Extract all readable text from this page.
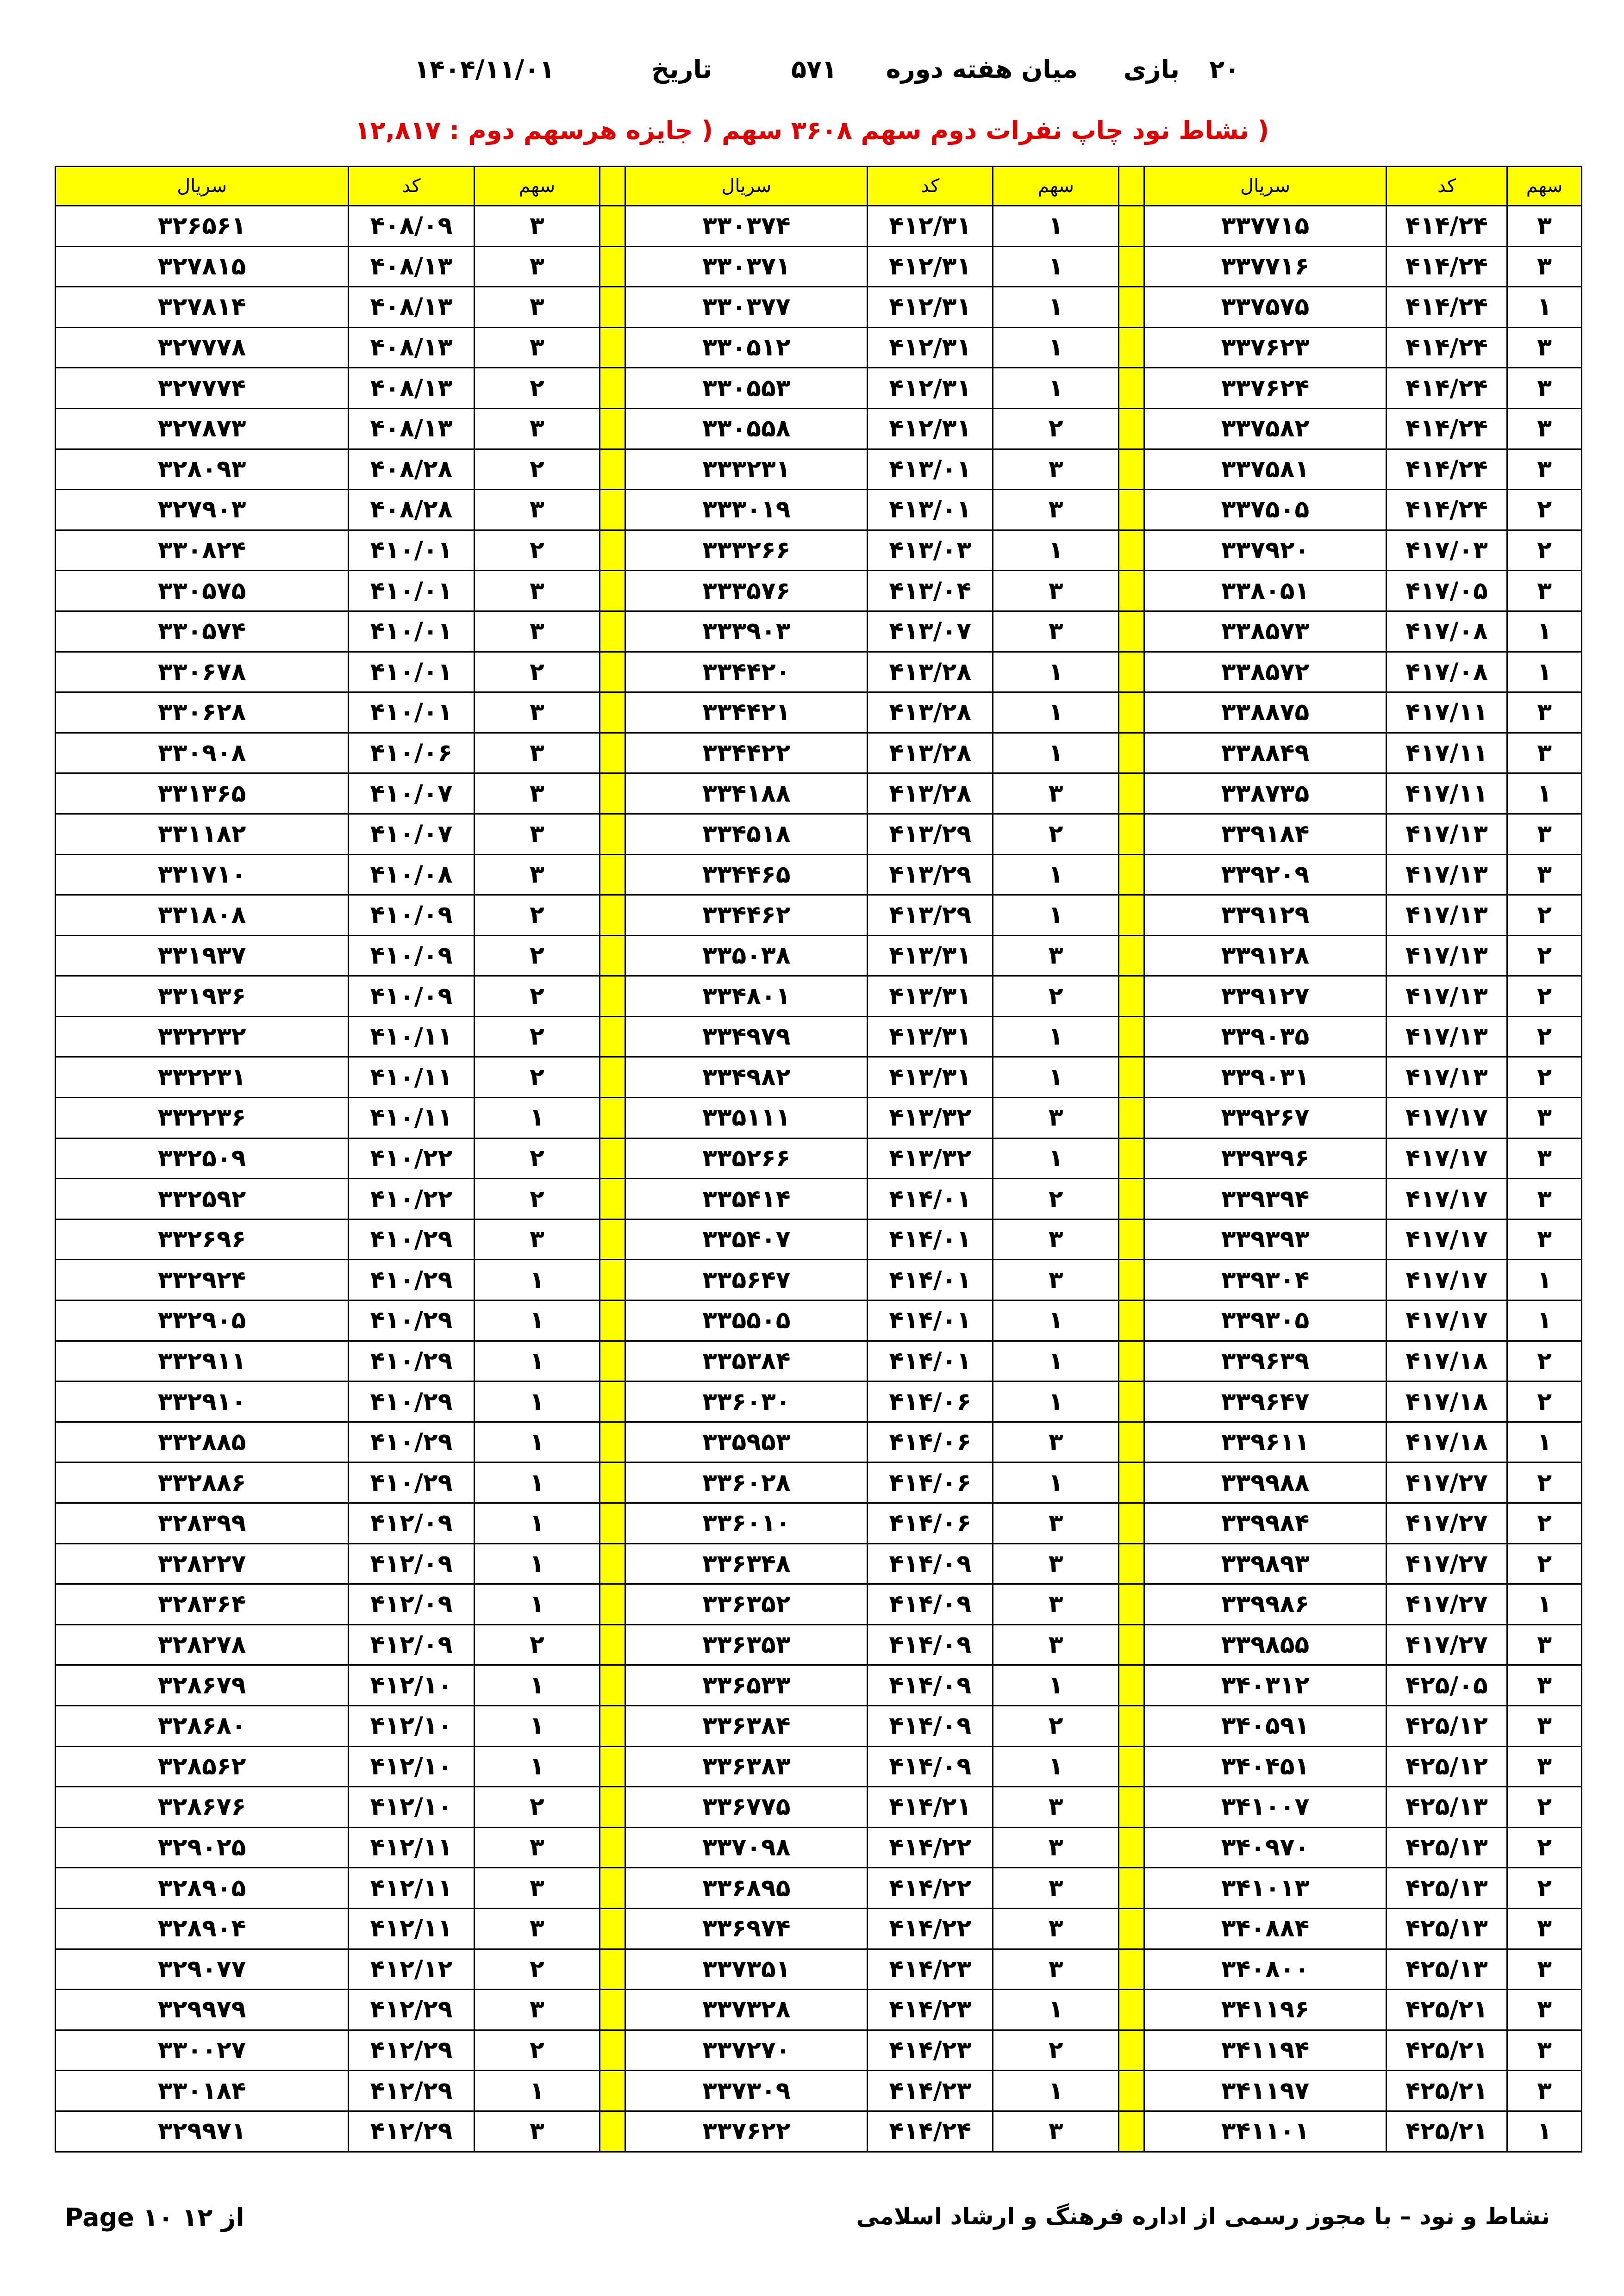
۲۰
بازی
میان هفته
دوره
۵۷۱
تاریخ
۱۴۰۴/۱۱/۰۱
( نشاط نود چاپ نفرات دوم سهم ۳۶۰۸ سهم ( جایزه هرسهم دوم : ۱۲,۸۱۷
سهم	کد	سریال		سهم	کد	سریال		سهم	کد	سریال
۳	۴۱۴/۲۴	۳۳۷۷۱۵		۱	۴۱۲/۳۱	۳۳۰۳۷۴		۳	۴۰۸/۰۹	۳۲۶۵۶۱
۳	۴۱۴/۲۴	۳۳۷۷۱۶		۱	۴۱۲/۳۱	۳۳۰۳۷۱		۳	۴۰۸/۱۳	۳۲۷۸۱۵
۱	۴۱۴/۲۴	۳۳۷۵۷۵		۱	۴۱۲/۳۱	۳۳۰۳۷۷		۳	۴۰۸/۱۳	۳۲۷۸۱۴
۳	۴۱۴/۲۴	۳۳۷۶۲۳		۱	۴۱۲/۳۱	۳۳۰۵۱۲		۳	۴۰۸/۱۳	۳۲۷۷۷۸
۳	۴۱۴/۲۴	۳۳۷۶۲۴		۱	۴۱۲/۳۱	۳۳۰۵۵۳		۲	۴۰۸/۱۳	۳۲۷۷۷۴
۳	۴۱۴/۲۴	۳۳۷۵۸۲		۲	۴۱۲/۳۱	۳۳۰۵۵۸		۳	۴۰۸/۱۳	۳۲۷۸۷۳
۳	۴۱۴/۲۴	۳۳۷۵۸۱		۳	۴۱۳/۰۱	۳۳۳۲۳۱		۲	۴۰۸/۲۸	۳۲۸۰۹۳
۲	۴۱۴/۲۴	۳۳۷۵۰۵		۳	۴۱۳/۰۱	۳۳۳۰۱۹		۳	۴۰۸/۲۸	۳۲۷۹۰۳
۲	۴۱۷/۰۳	۳۳۷۹۲۰		۱	۴۱۳/۰۳	۳۳۳۲۶۶		۲	۴۱۰/۰۱	۳۳۰۸۲۴
۳	۴۱۷/۰۵	۳۳۸۰۵۱		۳	۴۱۳/۰۴	۳۳۳۵۷۶		۳	۴۱۰/۰۱	۳۳۰۵۷۵
۱	۴۱۷/۰۸	۳۳۸۵۷۳		۳	۴۱۳/۰۷	۳۳۳۹۰۳		۳	۴۱۰/۰۱	۳۳۰۵۷۴
۱	۴۱۷/۰۸	۳۳۸۵۷۲		۱	۴۱۳/۲۸	۳۳۴۴۲۰		۲	۴۱۰/۰۱	۳۳۰۶۷۸
۳	۴۱۷/۱۱	۳۳۸۸۷۵		۱	۴۱۳/۲۸	۳۳۴۴۲۱		۳	۴۱۰/۰۱	۳۳۰۶۲۸
۳	۴۱۷/۱۱	۳۳۸۸۴۹		۱	۴۱۳/۲۸	۳۳۴۴۲۲		۳	۴۱۰/۰۶	۳۳۰۹۰۸
۱	۴۱۷/۱۱	۳۳۸۷۳۵		۳	۴۱۳/۲۸	۳۳۴۱۸۸		۳	۴۱۰/۰۷	۳۳۱۳۶۵
۳	۴۱۷/۱۳	۳۳۹۱۸۴		۲	۴۱۳/۲۹	۳۳۴۵۱۸		۳	۴۱۰/۰۷	۳۳۱۱۸۲
۳	۴۱۷/۱۳	۳۳۹۲۰۹		۱	۴۱۳/۲۹	۳۳۴۴۶۵		۳	۴۱۰/۰۸	۳۳۱۷۱۰
۲	۴۱۷/۱۳	۳۳۹۱۲۹		۱	۴۱۳/۲۹	۳۳۴۴۶۲		۲	۴۱۰/۰۹	۳۳۱۸۰۸
۲	۴۱۷/۱۳	۳۳۹۱۲۸		۳	۴۱۳/۳۱	۳۳۵۰۳۸		۲	۴۱۰/۰۹	۳۳۱۹۳۷
۲	۴۱۷/۱۳	۳۳۹۱۲۷		۲	۴۱۳/۳۱	۳۳۴۸۰۱		۲	۴۱۰/۰۹	۳۳۱۹۳۶
۲	۴۱۷/۱۳	۳۳۹۰۳۵		۱	۴۱۳/۳۱	۳۳۴۹۷۹		۲	۴۱۰/۱۱	۳۳۲۲۳۲
۲	۴۱۷/۱۳	۳۳۹۰۳۱		۱	۴۱۳/۳۱	۳۳۴۹۸۲		۲	۴۱۰/۱۱	۳۳۲۲۳۱
۳	۴۱۷/۱۷	۳۳۹۲۶۷		۳	۴۱۳/۳۲	۳۳۵۱۱۱		۱	۴۱۰/۱۱	۳۳۲۲۳۶
۳	۴۱۷/۱۷	۳۳۹۳۹۶		۱	۴۱۳/۳۲	۳۳۵۲۶۶		۲	۴۱۰/۲۲	۳۳۲۵۰۹
۳	۴۱۷/۱۷	۳۳۹۳۹۴		۲	۴۱۴/۰۱	۳۳۵۴۱۴		۲	۴۱۰/۲۲	۳۳۲۵۹۲
۳	۴۱۷/۱۷	۳۳۹۳۹۳		۳	۴۱۴/۰۱	۳۳۵۴۰۷		۳	۴۱۰/۲۹	۳۳۲۶۹۶
۱	۴۱۷/۱۷	۳۳۹۳۰۴		۳	۴۱۴/۰۱	۳۳۵۶۴۷		۱	۴۱۰/۲۹	۳۳۲۹۲۴
۱	۴۱۷/۱۷	۳۳۹۳۰۵		۱	۴۱۴/۰۱	۳۳۵۵۰۵		۱	۴۱۰/۲۹	۳۳۲۹۰۵
۲	۴۱۷/۱۸	۳۳۹۶۳۹		۱	۴۱۴/۰۱	۳۳۵۳۸۴		۱	۴۱۰/۲۹	۳۳۲۹۱۱
۲	۴۱۷/۱۸	۳۳۹۶۴۷		۱	۴۱۴/۰۶	۳۳۶۰۳۰		۱	۴۱۰/۲۹	۳۳۲۹۱۰
۱	۴۱۷/۱۸	۳۳۹۶۱۱		۳	۴۱۴/۰۶	۳۳۵۹۵۳		۱	۴۱۰/۲۹	۳۳۲۸۸۵
۲	۴۱۷/۲۷	۳۳۹۹۸۸		۱	۴۱۴/۰۶	۳۳۶۰۲۸		۱	۴۱۰/۲۹	۳۳۲۸۸۶
۲	۴۱۷/۲۷	۳۳۹۹۸۴		۳	۴۱۴/۰۶	۳۳۶۰۱۰		۱	۴۱۲/۰۹	۳۲۸۳۹۹
۲	۴۱۷/۲۷	۳۳۹۸۹۳		۳	۴۱۴/۰۹	۳۳۶۳۴۸		۱	۴۱۲/۰۹	۳۲۸۲۲۷
۱	۴۱۷/۲۷	۳۳۹۹۸۶		۳	۴۱۴/۰۹	۳۳۶۳۵۲		۱	۴۱۲/۰۹	۳۲۸۳۶۴
۳	۴۱۷/۲۷	۳۳۹۸۵۵		۳	۴۱۴/۰۹	۳۳۶۳۵۳		۲	۴۱۲/۰۹	۳۲۸۲۷۸
۳	۴۲۵/۰۵	۳۴۰۳۱۲		۱	۴۱۴/۰۹	۳۳۶۵۳۳		۱	۴۱۲/۱۰	۳۲۸۶۷۹
۳	۴۲۵/۱۲	۳۴۰۵۹۱		۲	۴۱۴/۰۹	۳۳۶۳۸۴		۱	۴۱۲/۱۰	۳۲۸۶۸۰
۳	۴۲۵/۱۲	۳۴۰۴۵۱		۱	۴۱۴/۰۹	۳۳۶۳۸۳		۱	۴۱۲/۱۰	۳۲۸۵۶۲
۲	۴۲۵/۱۳	۳۴۱۰۰۷		۳	۴۱۴/۲۱	۳۳۶۷۷۵		۲	۴۱۲/۱۰	۳۲۸۶۷۶
۲	۴۲۵/۱۳	۳۴۰۹۷۰		۳	۴۱۴/۲۲	۳۳۷۰۹۸		۳	۴۱۲/۱۱	۳۲۹۰۲۵
۲	۴۲۵/۱۳	۳۴۱۰۱۳		۳	۴۱۴/۲۲	۳۳۶۸۹۵		۳	۴۱۲/۱۱	۳۲۸۹۰۵
۳	۴۲۵/۱۳	۳۴۰۸۸۴		۳	۴۱۴/۲۲	۳۳۶۹۷۴		۳	۴۱۲/۱۱	۳۲۸۹۰۴
۳	۴۲۵/۱۳	۳۴۰۸۰۰		۳	۴۱۴/۲۳	۳۳۷۳۵۱		۲	۴۱۲/۱۲	۳۲۹۰۷۷
۳	۴۲۵/۲۱	۳۴۱۱۹۶		۱	۴۱۴/۲۳	۳۳۷۳۲۸		۳	۴۱۲/۲۹	۳۲۹۹۷۹
۳	۴۲۵/۲۱	۳۴۱۱۹۴		۲	۴۱۴/۲۳	۳۳۷۲۷۰		۲	۴۱۲/۲۹	۳۳۰۰۲۷
۳	۴۲۵/۲۱	۳۴۱۱۹۷		۱	۴۱۴/۲۳	۳۳۷۳۰۹		۱	۴۱۲/۲۹	۳۳۰۱۸۴
۱	۴۲۵/۲۱	۳۴۱۱۰۱		۳	۴۱۴/۲۴	۳۳۷۶۲۲		۳	۴۱۲/۲۹	۳۲۹۹۷۱
نشاط و نود – با مجوز رسمی از اداره فرهنگ و ارشاد اسلامی
از ۱۲ ۱۰ Page
